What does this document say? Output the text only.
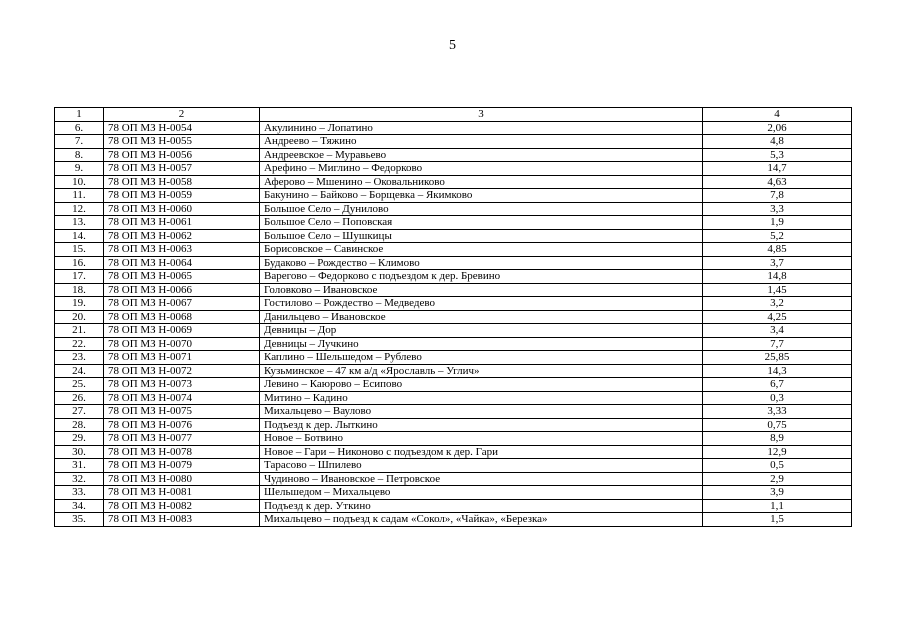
5
1	2	3	4
6.	78 ОП МЗ Н-0054	Акулинино – Лопатино	2,06
7.	78 ОП МЗ Н-0055	Андреево – Тяжино	4,8
8.	78 ОП МЗ Н-0056	Андреевское – Муравьево	5,3
9.	78 ОП МЗ Н-0057	Арефино – Миглино – Федорково	14,7
10.	78 ОП МЗ Н-0058	Аферово – Мшенино – Оковальниково	4,63
11.	78 ОП МЗ Н-0059	Бакунино – Байково – Борщевка – Якимково	7,8
12.	78 ОП МЗ Н-0060	Большое Село – Дунилово	3,3
13.	78 ОП МЗ Н-0061	Большое Село – Поповская	1,9
14.	78 ОП МЗ Н-0062	Большое Село – Шушкицы	5,2
15.	78 ОП МЗ Н-0063	Борисовское – Савинское	4,85
16.	78 ОП МЗ Н-0064	Будаково – Рождество – Климово	3,7
17.	78 ОП МЗ Н-0065	Варегово – Федорково с подъездом к дер. Бревино	14,8
18.	78 ОП МЗ Н-0066	Головково – Ивановское	1,45
19.	78 ОП МЗ Н-0067	Гостилово – Рождество – Медведево	3,2
20.	78 ОП МЗ Н-0068	Данильцево – Ивановское	4,25
21.	78 ОП МЗ Н-0069	Девницы – Дор	3,4
22.	78 ОП МЗ Н-0070	Девницы – Лучкино	7,7
23.	78 ОП МЗ Н-0071	Каплино – Шельшедом – Рублево	25,85
24.	78 ОП МЗ Н-0072	Кузьминское – 47 км а/д «Ярославль – Углич»	14,3
25.	78 ОП МЗ Н-0073	Левино – Каюрово – Есипово	6,7
26.	78 ОП МЗ Н-0074	Митино – Кадино	0,3
27.	78 ОП МЗ Н-0075	Михальцево – Ваулово	3,33
28.	78 ОП МЗ Н-0076	Подъезд к дер. Лыткино	0,75
29.	78 ОП МЗ Н-0077	Новое – Ботвино	8,9
30.	78 ОП МЗ Н-0078	Новое – Гари – Никоново с подъездом к дер. Гари	12,9
31.	78 ОП МЗ Н-0079	Тарасово – Шпилево	0,5
32.	78 ОП МЗ Н-0080	Чудиново – Ивановское – Петровское	2,9
33.	78 ОП МЗ Н-0081	Шельшедом – Михальцево	3,9
34.	78 ОП МЗ Н-0082	Подъезд к дер. Уткино	1,1
35.	78 ОП МЗ Н-0083	Михальцево – подъезд к садам «Сокол», «Чайка», «Березка»	1,5
